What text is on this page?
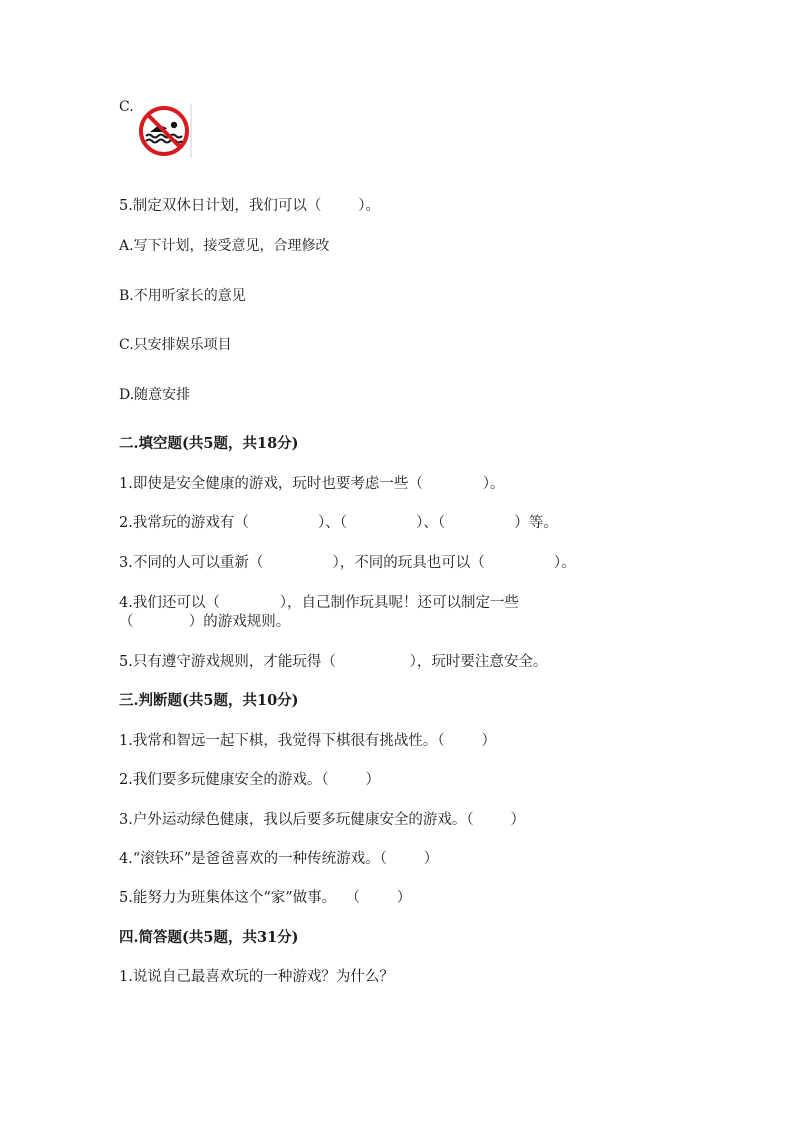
C.
5.制定双休日计划，我们可以（        ）。
A.写下计划，接受意见，合理修改
B.不用听家长的意见
C.只安排娱乐项目
D.随意安排
二.填空题(共5题，共18分)
1.即使是安全健康的游戏，玩时也要考虑一些（             ）。
2.我常玩的游戏有（               ）、（               ）、（               ）等。
3.不同的人可以重新（               ），不同的玩具也可以（               ）。
4.我们还可以（             ），自己制作玩具呢！还可以制定一些
（            ）的游戏规则。
5.只有遵守游戏规则，才能玩得（                ），玩时要注意安全。
三.判断题(共5题，共10分)
1.我常和智远一起下棋，我觉得下棋很有挑战性。（        ）
2.我们要多玩健康安全的游戏。（        ）
3.户外运动绿色健康，我以后要多玩健康安全的游戏。（        ）
4.“滚铁环”是爸爸喜欢的一种传统游戏。（        ）
5.能努力为班集体这个“家”做事。  （        ）
四.简答题(共5题，共31分)
1.说说自己最喜欢玩的一种游戏？为什么？
